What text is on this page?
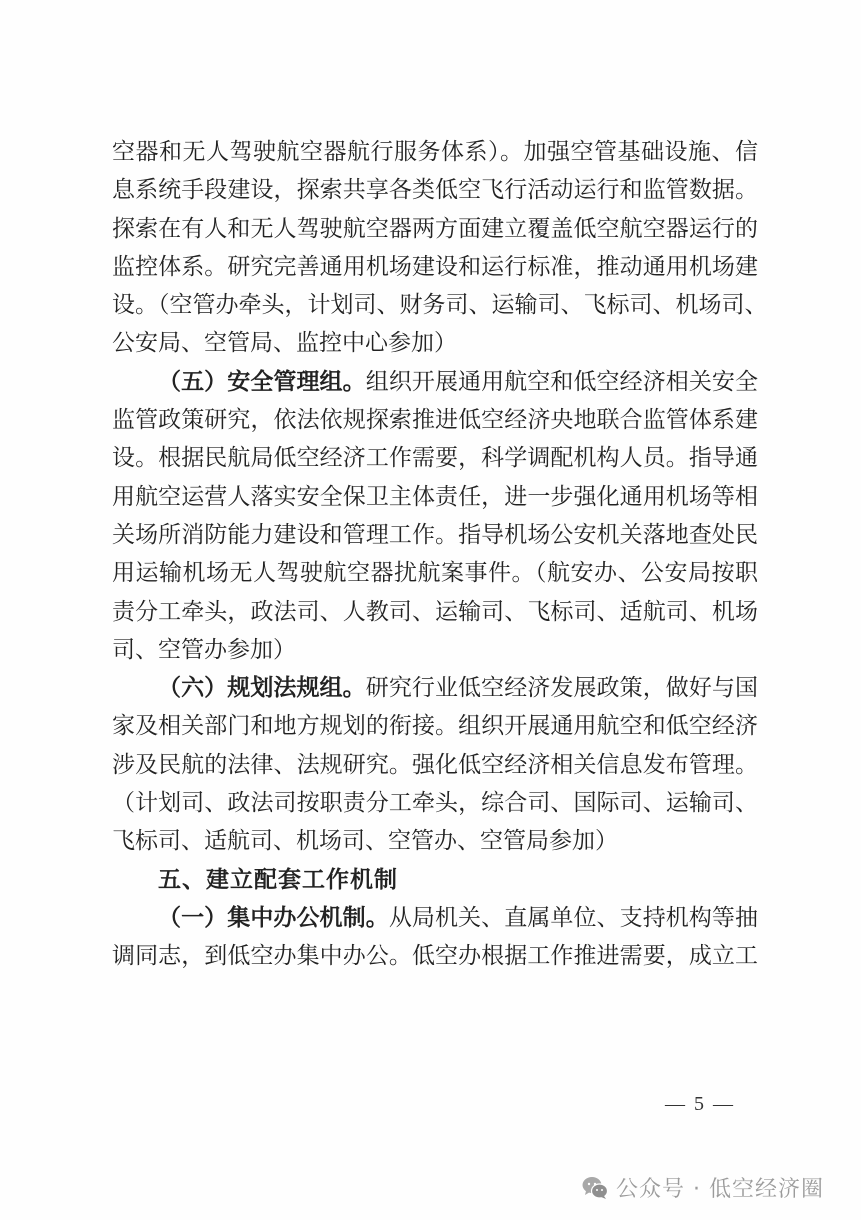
空器和无人驾驶航空器航行服务体系）。加强空管基础设施、信
息系统手段建设，探索共享各类低空飞行活动运行和监管数据。
探索在有人和无人驾驶航空器两方面建立覆盖低空航空器运行的
监控体系。研究完善通用机场建设和运行标准，推动通用机场建
设。（空管办牵头，计划司、财务司、运输司、飞标司、机场司、
公安局、空管局、监控中心参加）
（五）安全管理组。组织开展通用航空和低空经济相关安全
监管政策研究，依法依规探索推进低空经济央地联合监管体系建
设。根据民航局低空经济工作需要，科学调配机构人员。指导通
用航空运营人落实安全保卫主体责任，进一步强化通用机场等相
关场所消防能力建设和管理工作。指导机场公安机关落地查处民
用运输机场无人驾驶航空器扰航案事件。（航安办、公安局按职
责分工牵头，政法司、人教司、运输司、飞标司、适航司、机场
司、空管办参加）
（六）规划法规组。研究行业低空经济发展政策，做好与国
家及相关部门和地方规划的衔接。组织开展通用航空和低空经济
涉及民航的法律、法规研究。强化低空经济相关信息发布管理。
（计划司、政法司按职责分工牵头，综合司、国际司、运输司、
飞标司、适航司、机场司、空管办、空管局参加）
五、建立配套工作机制
（一）集中办公机制。从局机关、直属单位、支持机构等抽
调同志，到低空办集中办公。低空办根据工作推进需要，成立工
— 5 —
公众号 · 低空经济圈
